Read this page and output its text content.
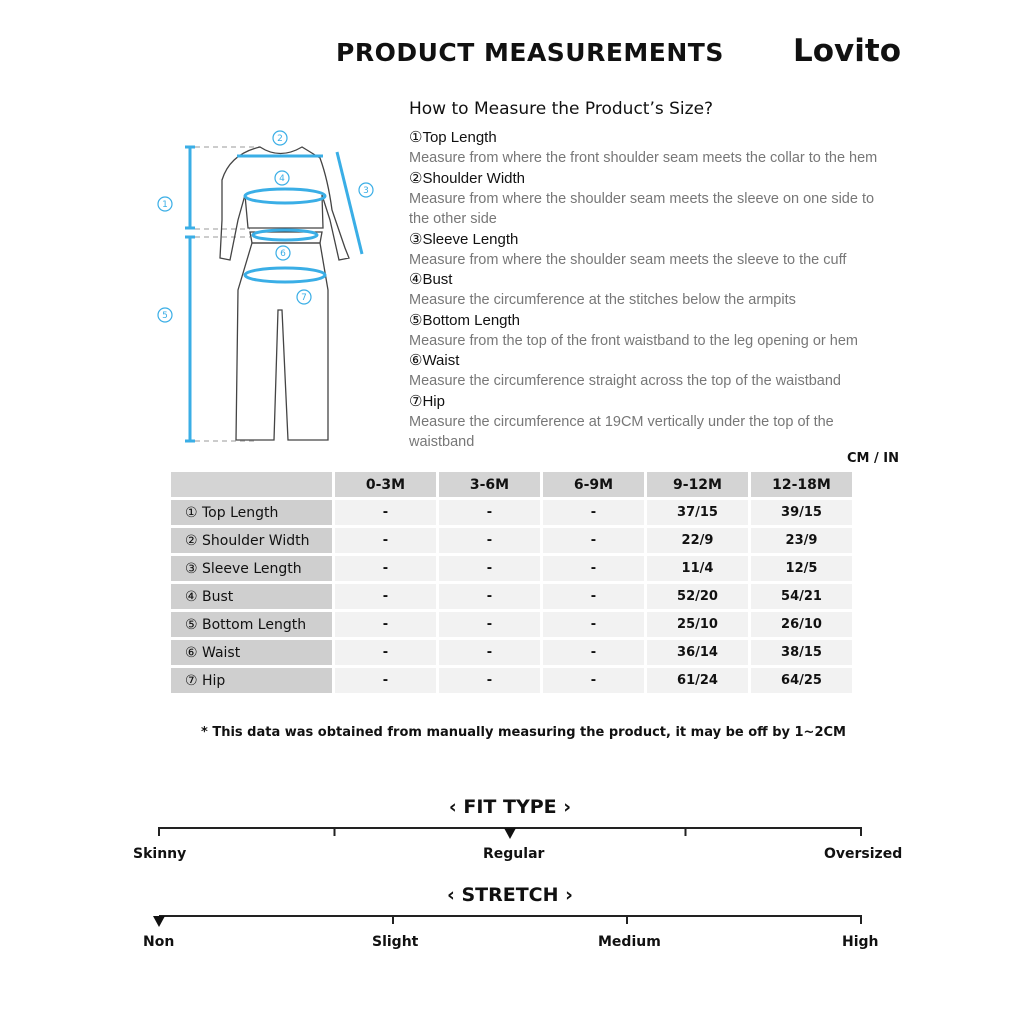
PRODUCT MEASUREMENTS Lovito
1
2
3
4
5
6
7
How to Measure the Product’s Size?
①Top Length
Measure from where the front shoulder seam meets the collar to the hem
②Shoulder Width
Measure from where the shoulder seam meets the sleeve on one side to the other side
③Sleeve Length
Measure from where the shoulder seam meets the sleeve to the cuff
④Bust
Measure the circumference at the stitches below the armpits
⑤Bottom Length
Measure from the top of the front waistband to the leg opening or hem
⑥Waist
Measure the circumference straight across the top of the waistband
⑦Hip
Measure the circumference at 19CM vertically under the top of the waistband
CM / IN
	0-3M	3-6M	6-9M	9-12M	12-18M
① Top Length	-	-	-	37/15	39/15
② Shoulder Width	-	-	-	22/9	23/9
③ Sleeve Length	-	-	-	11/4	12/5
④ Bust	-	-	-	52/20	54/21
⑤ Bottom Length	-	-	-	25/10	26/10
⑥ Waist	-	-	-	36/14	38/15
⑦ Hip	-	-	-	61/24	64/25
* This data was obtained from manually measuring the product, it may be off by 1~2CM
‹ FIT TYPE ›
Skinny	Regular	Oversized
‹ STRETCH ›
Non	Slight	Medium	High
